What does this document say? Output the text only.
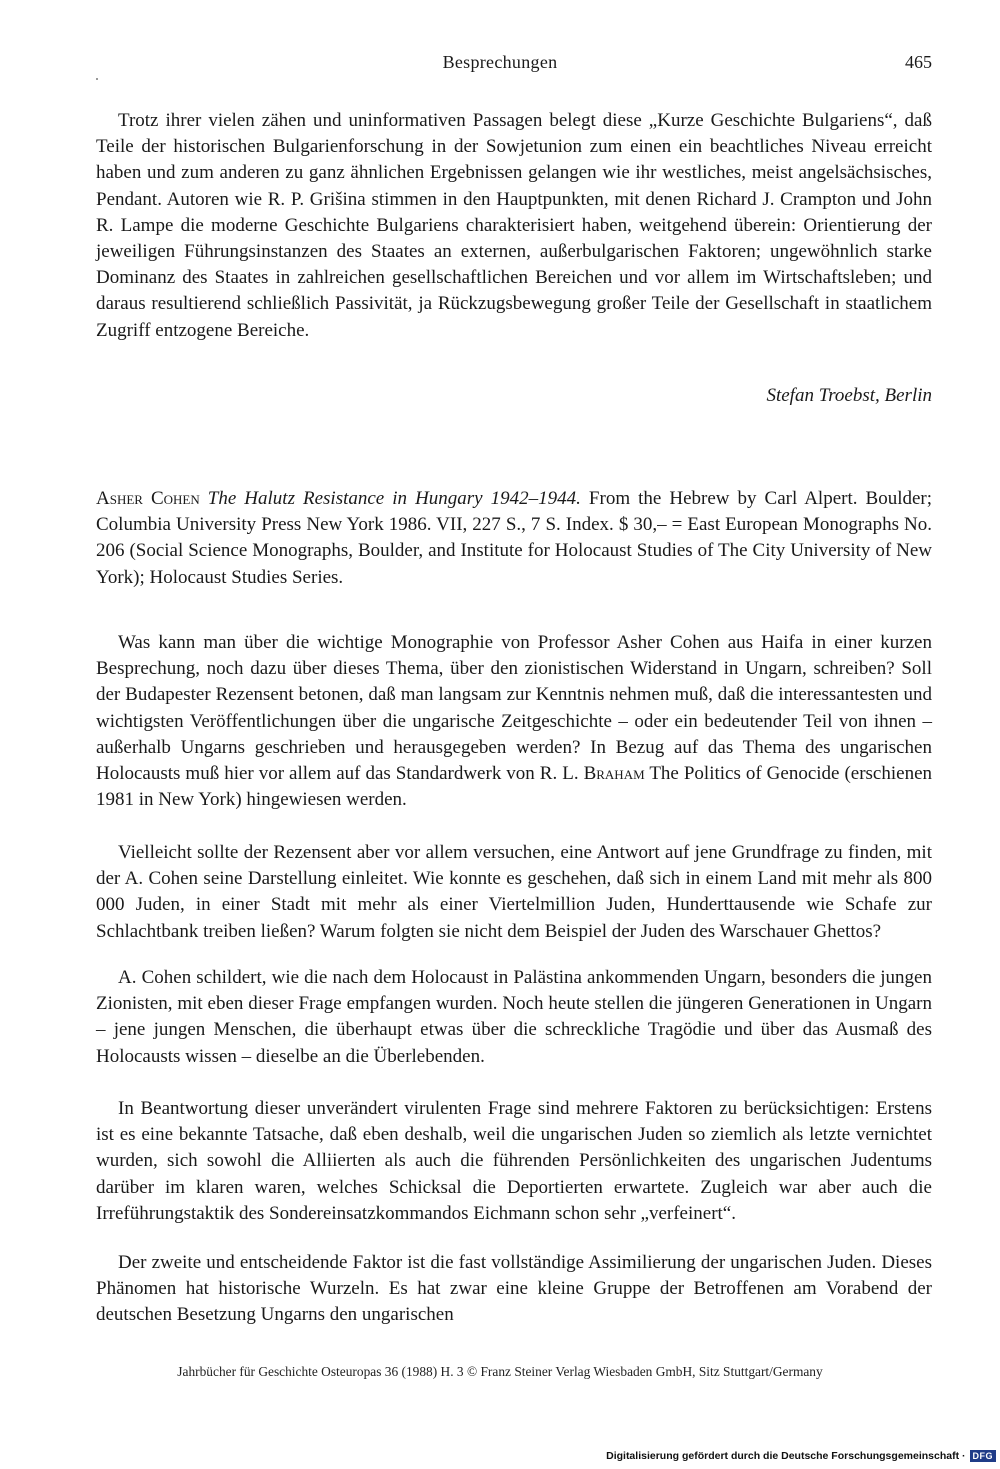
Besprechungen	465

Trotz ihrer vielen zähen und uninformativen Passagen belegt diese „Kurze Geschichte Bulgariens“, daß Teile der historischen Bulgarienforschung in der Sowjetunion zum einen ein beachtliches Niveau erreicht haben und zum anderen zu ganz ähnlichen Ergebnissen gelangen wie ihr westliches, meist angelsächsisches, Pendant. Autoren wie R. P. Grišina stimmen in den Hauptpunkten, mit denen Richard J. Crampton und John R. Lampe die moderne Geschichte Bulgariens charakterisiert haben, weitgehend überein: Orientierung der jeweiligen Führungsinstanzen des Staates an externen, außerbulgarischen Faktoren; ungewöhnlich starke Dominanz des Staates in zahlreichen gesellschaftlichen Bereichen und vor allem im Wirtschaftsleben; und daraus resultierend schließlich Passivität, ja Rückzugsbewegung großer Teile der Gesellschaft in staatlichem Zugriff entzogene Bereiche.

Stefan Troebst, Berlin

Asher Cohen The Halutz Resistance in Hungary 1942–1944. From the Hebrew by Carl Alpert. Boulder; Columbia University Press New York 1986. VII, 227 S., 7 S. Index. $ 30,– = East European Monographs No. 206 (Social Science Monographs, Boulder, and Institute for Holocaust Studies of The City University of New York); Holocaust Studies Series.

Was kann man über die wichtige Monographie von Professor Asher Cohen aus Haifa in einer kurzen Besprechung, noch dazu über dieses Thema, über den zionistischen Widerstand in Ungarn, schreiben? Soll der Budapester Rezensent betonen, daß man langsam zur Kenntnis nehmen muß, daß die interessantesten und wichtigsten Veröffentlichungen über die ungarische Zeitgeschichte – oder ein bedeutender Teil von ihnen – außerhalb Ungarns geschrieben und herausgegeben werden? In Bezug auf das Thema des ungarischen Holocausts muß hier vor allem auf das Standardwerk von R. L. Braham The Politics of Genocide (erschienen 1981 in New York) hingewiesen werden.

Vielleicht sollte der Rezensent aber vor allem versuchen, eine Antwort auf jene Grundfrage zu finden, mit der A. Cohen seine Darstellung einleitet. Wie konnte es geschehen, daß sich in einem Land mit mehr als 800 000 Juden, in einer Stadt mit mehr als einer Viertelmillion Juden, Hunderttausende wie Schafe zur Schlachtbank treiben ließen? Warum folgten sie nicht dem Beispiel der Juden des Warschauer Ghettos?

A. Cohen schildert, wie die nach dem Holocaust in Palästina ankommenden Ungarn, besonders die jungen Zionisten, mit eben dieser Frage empfangen wurden. Noch heute stellen die jüngeren Generationen in Ungarn – jene jungen Menschen, die überhaupt etwas über die schreckliche Tragödie und über das Ausmaß des Holocausts wissen – dieselbe an die Überlebenden.

In Beantwortung dieser unverändert virulenten Frage sind mehrere Faktoren zu berücksichtigen: Erstens ist es eine bekannte Tatsache, daß eben deshalb, weil die ungarischen Juden so ziemlich als letzte vernichtet wurden, sich sowohl die Alliierten als auch die führenden Persönlichkeiten des ungarischen Judentums darüber im klaren waren, welches Schicksal die Deportierten erwartete. Zugleich war aber auch die Irreführungstaktik des Sondereinsatzkommandos Eichmann schon sehr „verfeinert“.

Der zweite und entscheidende Faktor ist die fast vollständige Assimilierung der ungarischen Juden. Dieses Phänomen hat historische Wurzeln. Es hat zwar eine kleine Gruppe der Betroffenen am Vorabend der deutschen Besetzung Ungarns den ungarischen

Jahrbücher für Geschichte Osteuropas 36 (1988) H. 3 © Franz Steiner Verlag Wiesbaden GmbH, Sitz Stuttgart/Germany
Digitalisierung gefördert durch die Deutsche Forschungsgemeinschaft · DFG
